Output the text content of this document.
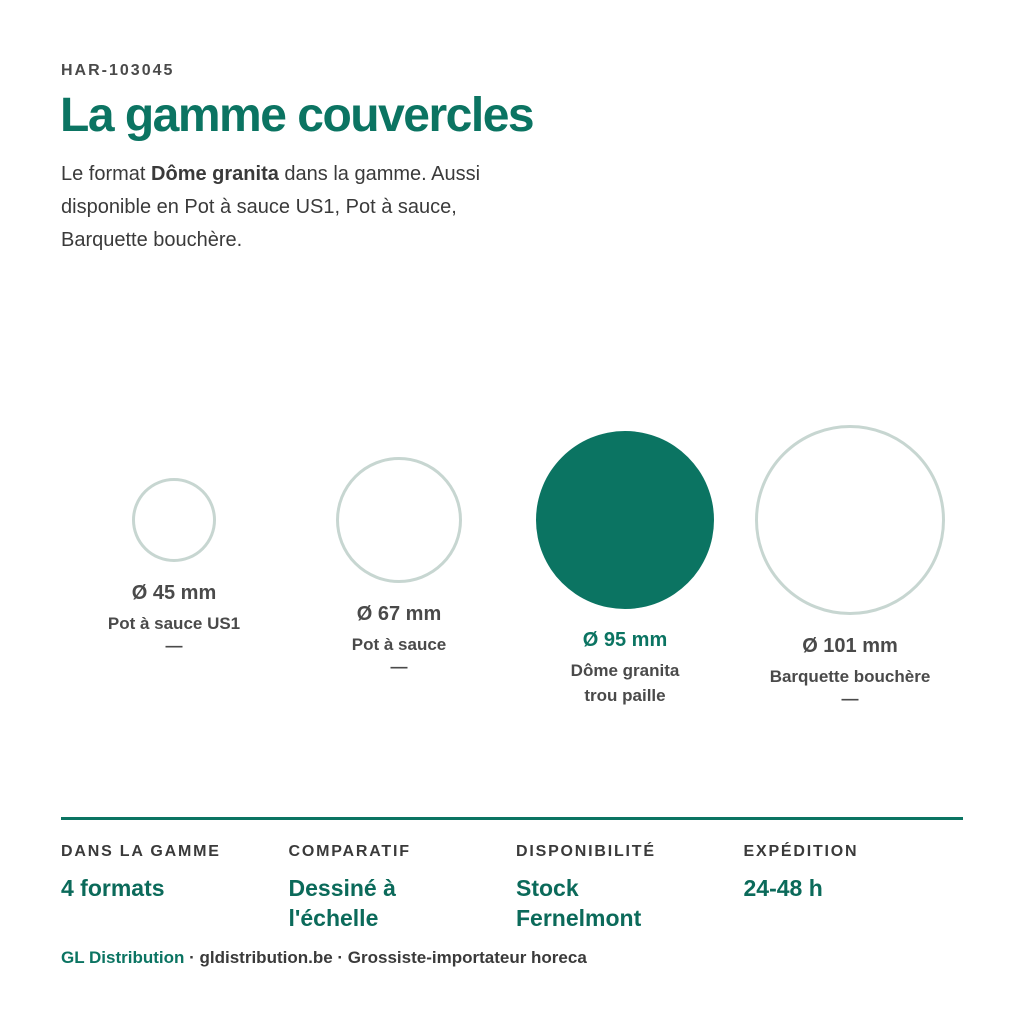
HAR-103045
La gamme couvercles

Le format Dôme granita dans la gamme. Aussi disponible en Pot à sauce US1, Pot à sauce, Barquette bouchère.

Ø 45 mm
Pot à sauce US1
—
Ø 67 mm
Pot à sauce
—
Ø 95 mm
Dôme granita
trou paille
Ø 101 mm
Barquette bouchère
—
DANS LA GAMME
4 formats
COMPARATIF
Dessiné à l'échelle
DISPONIBILITÉ
Stock Fernelmont
EXPÉDITION
24-48 h
GL Distribution · gldistribution.be · Grossiste-importateur horeca
